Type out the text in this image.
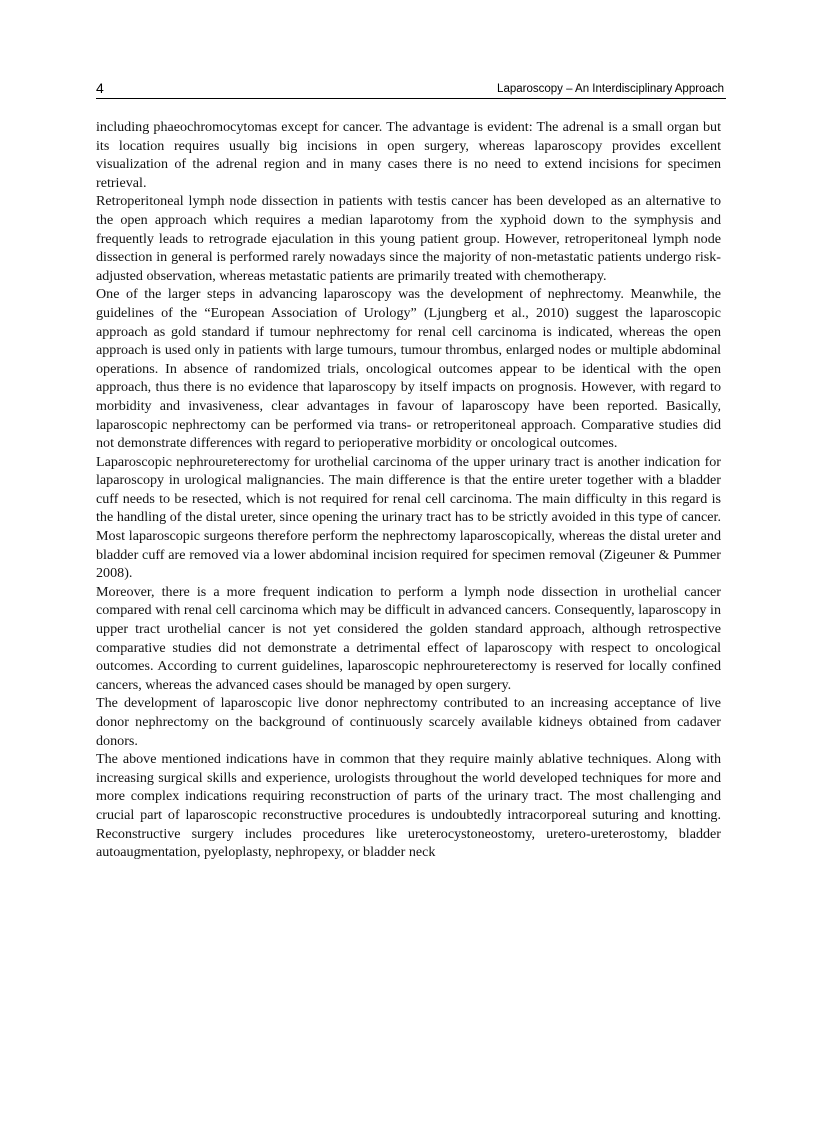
4	Laparoscopy – An Interdisciplinary Approach

including phaeochromocytomas except for cancer. The advantage is evident: The adrenal is a small organ but its location requires usually big incisions in open surgery, whereas laparoscopy provides excellent visualization of the adrenal region and in many cases there is no need to extend incisions for specimen retrieval.

Retroperitoneal lymph node dissection in patients with testis cancer has been developed as an alternative to the open approach which requires a median laparotomy from the xyphoid down to the symphysis and frequently leads to retrograde ejaculation in this young patient group. However, retroperitoneal lymph node dissection in general is performed rarely nowadays since the majority of non-metastatic patients undergo risk-adjusted observation, whereas metastatic patients are primarily treated with chemotherapy.

One of the larger steps in advancing laparoscopy was the development of nephrectomy. Meanwhile, the guidelines of the “European Association of Urology” (Ljungberg et al., 2010) suggest the laparoscopic approach as gold standard if tumour nephrectomy for renal cell carcinoma is indicated, whereas the open approach is used only in patients with large tumours, tumour thrombus, enlarged nodes or multiple abdominal operations. In absence of randomized trials, oncological outcomes appear to be identical with the open approach, thus there is no evidence that laparoscopy by itself impacts on prognosis. However, with regard to morbidity and invasiveness, clear advantages in favour of laparoscopy have been reported. Basically, laparoscopic nephrectomy can be performed via trans- or retroperitoneal approach. Comparative studies did not demonstrate differences with regard to perioperative morbidity or oncological outcomes.

Laparoscopic nephroureterectomy for urothelial carcinoma of the upper urinary tract is another indication for laparoscopy in urological malignancies. The main difference is that the entire ureter together with a bladder cuff needs to be resected, which is not required for renal cell carcinoma. The main difficulty in this regard is the handling of the distal ureter, since opening the urinary tract has to be strictly avoided in this type of cancer. Most laparoscopic surgeons therefore perform the nephrectomy laparoscopically, whereas the distal ureter and bladder cuff are removed via a lower abdominal incision required for specimen removal (Zigeuner & Pummer 2008).

Moreover, there is a more frequent indication to perform a lymph node dissection in urothelial cancer compared with renal cell carcinoma which may be difficult in advanced cancers. Consequently, laparoscopy in upper tract urothelial cancer is not yet considered the golden standard approach, although retrospective comparative studies did not demonstrate a detrimental effect of laparoscopy with respect to oncological outcomes. According to current guidelines, laparoscopic nephroureterectomy is reserved for locally confined cancers, whereas the advanced cases should be managed by open surgery.

The development of laparoscopic live donor nephrectomy contributed to an increasing acceptance of live donor nephrectomy on the background of continuously scarcely available kidneys obtained from cadaver donors.

The above mentioned indications have in common that they require mainly ablative techniques. Along with increasing surgical skills and experience, urologists throughout the world developed techniques for more and more complex indications requiring reconstruction of parts of the urinary tract. The most challenging and crucial part of laparoscopic reconstructive procedures is undoubtedly intracorporeal suturing and knotting. Reconstructive surgery includes procedures like ureterocystoneostomy, uretero-ureterostomy, bladder autoaugmentation, pyeloplasty, nephropexy, or bladder neck
